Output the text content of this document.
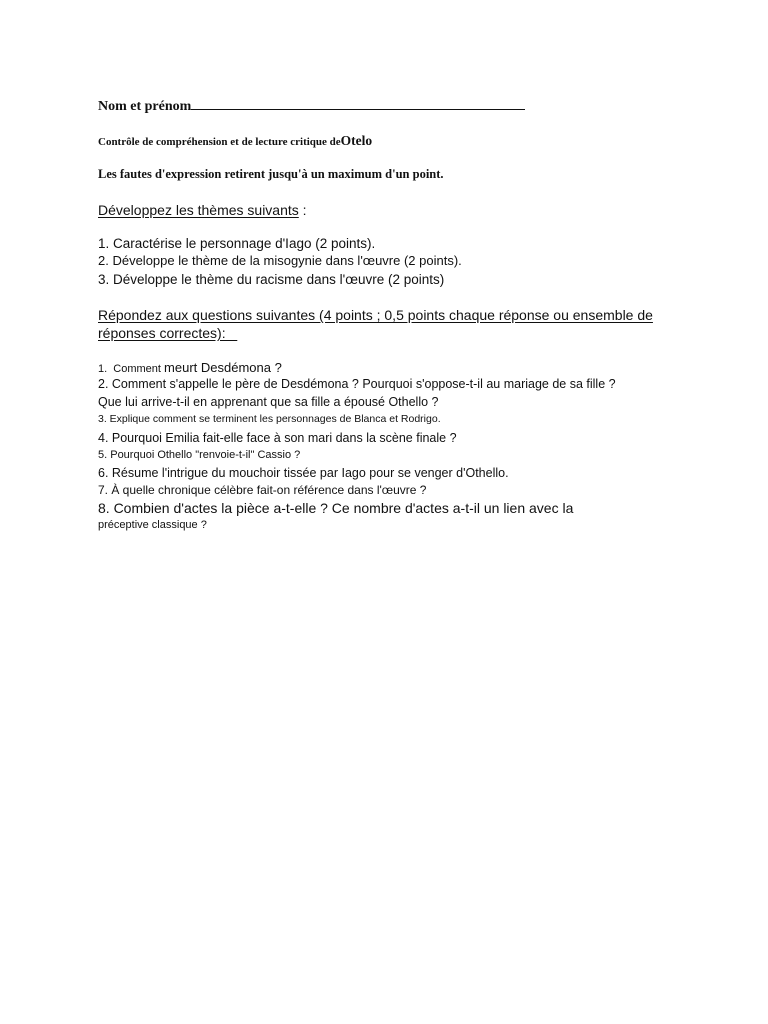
Nom et prénom
Contrôle de compréhension et de lecture critique deOtelo
Les fautes d'expression retirent jusqu'à un maximum d'un point.
Développez les thèmes suivants :
1. Caractérise le personnage d'Iago (2 points).
2. Développe le thème de la misogynie dans l'œuvre (2 points).
3. Développe le thème du racisme dans l'œuvre (2 points)
Répondez aux questions suivantes (4 points ; 0,5 points chaque réponse ou ensemble de
réponses correctes):
1.  Comment meurt Desdémona ?
2. Comment s'appelle le père de Desdémona ? Pourquoi s'oppose-t-il au mariage de sa fille ?
Que lui arrive-t-il en apprenant que sa fille a épousé Othello ?
3. Explique comment se terminent les personnages de Blanca et Rodrigo.
4. Pourquoi Emilia fait-elle face à son mari dans la scène finale ?
5. Pourquoi Othello "renvoie-t-il" Cassio ?
6. Résume l'intrigue du mouchoir tissée par Iago pour se venger d'Othello.
7. À quelle chronique célèbre fait-on référence dans l'œuvre ?
8. Combien d'actes la pièce a-t-elle ? Ce nombre d'actes a-t-il un lien avec la
préceptive classique ?
